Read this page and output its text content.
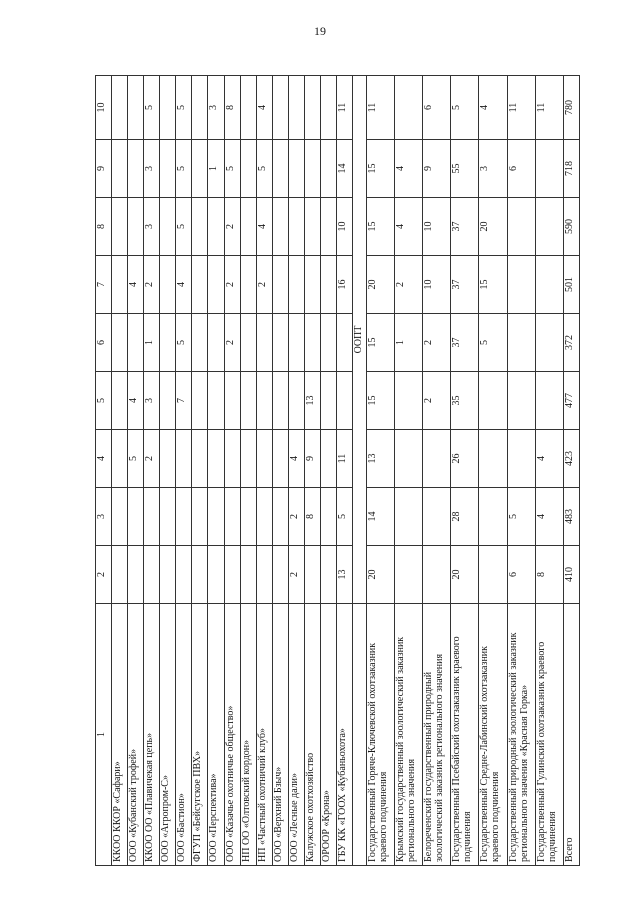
19
1	2	3	4	5	6	7	8	9	10
ККОО ККОР «Сафари»									
ООО «Кубанский трофей»			5	4		4			
ККОО ОО «Плавичекая цепь»			2	3	1	2	3	3	5
ООО «Агропром-С»									
ООО «Бастион»				7	5	4	5	5	5
ФГУП «Бейсугское ПВХ»									
ООО «Перспектива»								1	3
ООО «Казачье охотничье общество»					2	2	2	5	8
НП ОО «Олтовский кордон»									
НП «Частный охотничий клуб»						2	4	5	4
ООО «Верхний Бзыч»									
ООО «Лесные дали»	2	2	4						
Калужское охотхозяйство		8	9	13					
ОРООР «Крона»									
ГБУ КК «ГООХ «Кубаньохота»	13	5	11			16	10	14	11
	ООПТ								
Государственный Горяче-Ключевской охотзаказник краевого подчинения	20	14	13	15	15	20	15	15	11
Крымский государственный зоологический заказник регионального значения					1	2	4	4	
Белореченский государственный природный зоологический заказник регионального значения				2	2	10	10	9	6
Государственный Псебайский охотзаказник краевого подчинения	20	28	26	35	37	37	37	55	5
Государственный Средне-Лабинский охотзаказник краевого подчинения					5	15	20	3	4
Государственный природный зоологический заказник регионального значения «Красная Горка»	6	5						6	11
Государственный Гулинский охотзаказник краевого подчинения	8	4	4						11
Всего	410	483	423	477	372	501	590	718	780
